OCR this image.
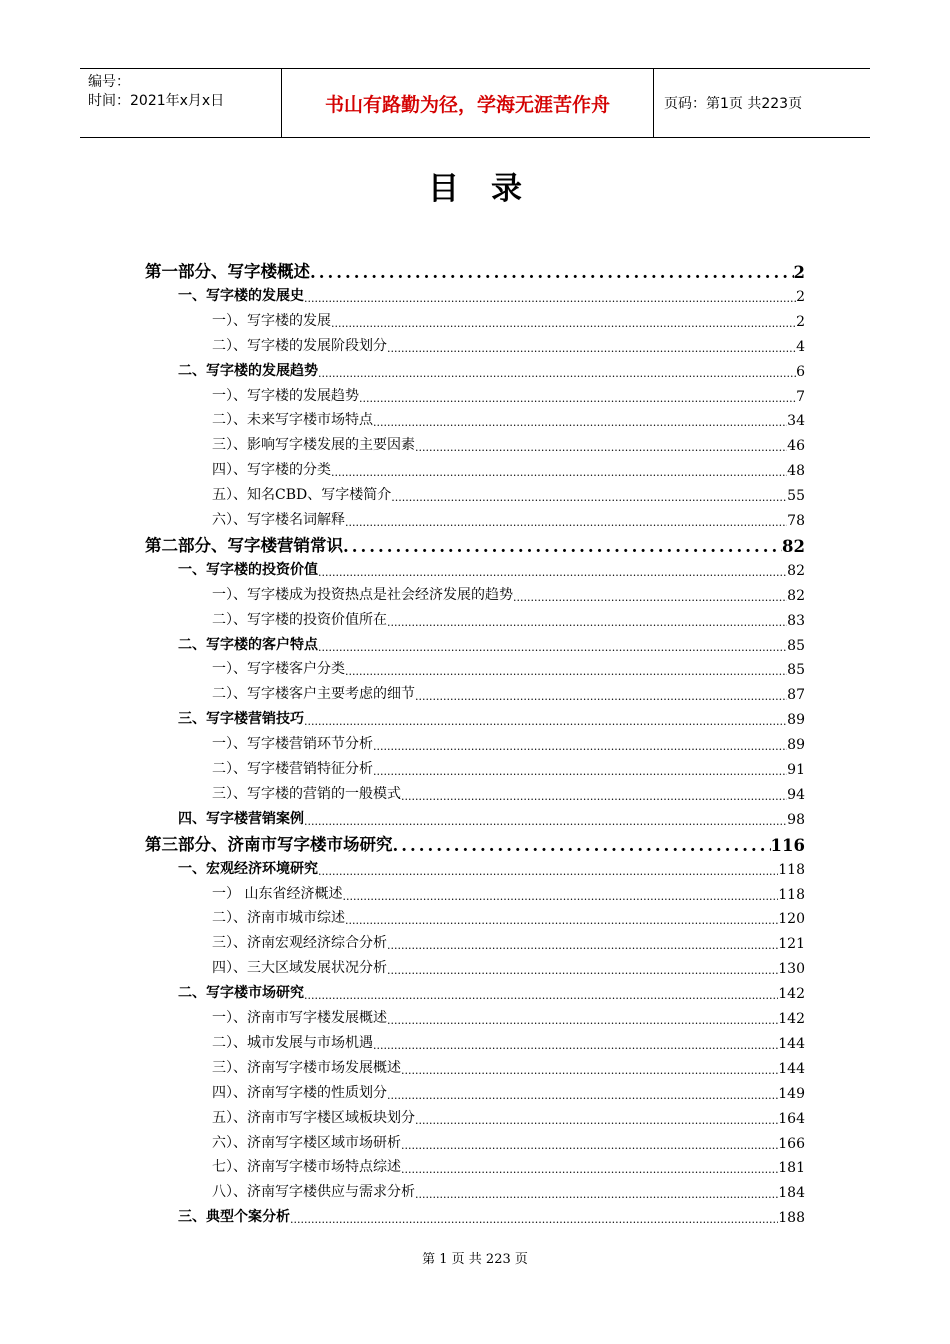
编号：
时间：2021年x月x日	书山有路勤为径，学海无涯苦作舟	页码：第1页 共223页
目录
第一部分、写字楼概述 .....	2
一、写字楼的发展史 .....	2
一）、写字楼的发展 .....	2
二）、写字楼的发展阶段划分 .....	4
二、写字楼的发展趋势 .....	6
一）、写字楼的发展趋势 .....	7
二）、未来写字楼市场特点 .....	34
三）、影响写字楼发展的主要因素 .....	46
四）、写字楼的分类 .....	48
五）、知名CBD、写字楼简介 .....	55
六）、写字楼名词解释 .....	78
第二部分、写字楼营销常识 .....	82
一、写字楼的投资价值 .....	82
一）、写字楼成为投资热点是社会经济发展的趋势 .....	82
二）、写字楼的投资价值所在 .....	83
二、写字楼的客户特点 .....	85
一）、写字楼客户分类 .....	85
二）、写字楼客户主要考虑的细节 .....	87
三、写字楼营销技巧 .....	89
一）、写字楼营销环节分析 .....	89
二）、写字楼营销特征分析 .....	91
三）、写字楼的营销的一般模式 .....	94
四、写字楼营销案例 .....	98
第三部分、济南市写字楼市场研究 .....	116
一、宏观经济环境研究 .....	118
一） 山东省经济概述 .....	118
二）、济南市城市综述 .....	120
三）、济南宏观经济综合分析 .....	121
四）、三大区域发展状况分析 .....	130
二、写字楼市场研究 .....	142
一）、济南市写字楼发展概述 .....	142
二）、城市发展与市场机遇 .....	144
三）、济南写字楼市场发展概述 .....	144
四）、济南写字楼的性质划分 .....	149
五）、济南市写字楼区域板块划分 .....	164
六）、济南写字楼区域市场研析 .....	166
七）、济南写字楼市场特点综述 .....	181
八）、济南写字楼供应与需求分析 .....	184
三、典型个案分析 .....	188
第 1 页 共 223 页
